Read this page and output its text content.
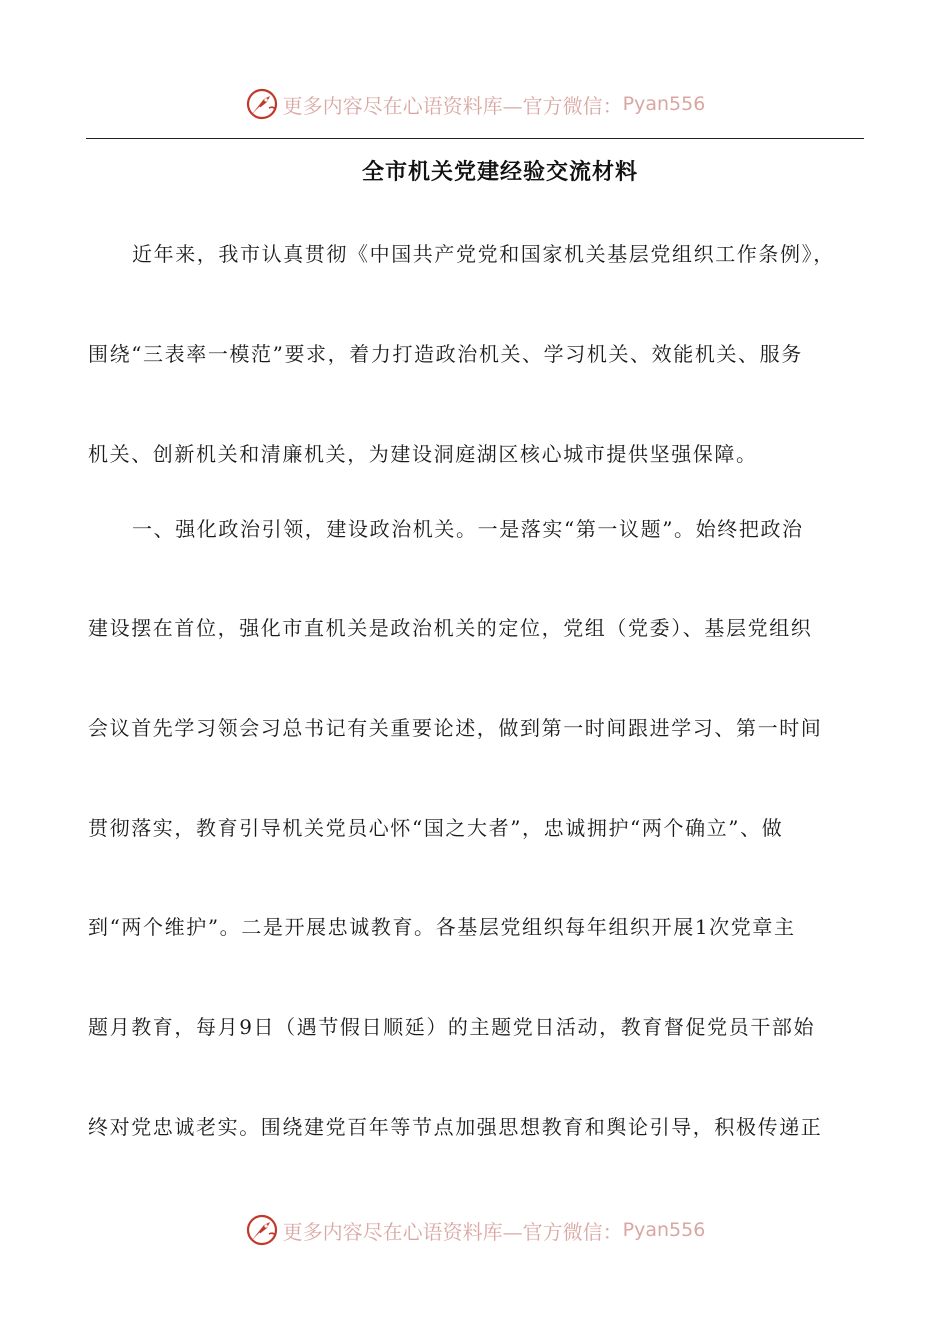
更多内容尽在心语资料库—官方微信： Pyan556
全市机关党建经验交流材料
近年来，我市认真贯彻《中国共产党党和国家机关基层党组织工作条例》，
围绕“三表率一模范”要求，着力打造政治机关、学习机关、效能机关、服务
机关、创新机关和清廉机关，为建设洞庭湖区核心城市提供坚强保障。
一、强化政治引领，建设政治机关。一是落实“第一议题”。始终把政治
建设摆在首位，强化市直机关是政治机关的定位，党组（党委）、基层党组织
会议首先学习领会习总书记有关重要论述，做到第一时间跟进学习、第一时间
贯彻落实，教育引导机关党员心怀“国之大者”，忠诚拥护“两个确立”、做
到“两个维护”。二是开展忠诚教育。各基层党组织每年组织开展1次党章主
题月教育，每月9日（遇节假日顺延）的主题党日活动，教育督促党员干部始
终对党忠诚老实。围绕建党百年等节点加强思想教育和舆论引导，积极传递正
更多内容尽在心语资料库—官方微信： Pyan556
